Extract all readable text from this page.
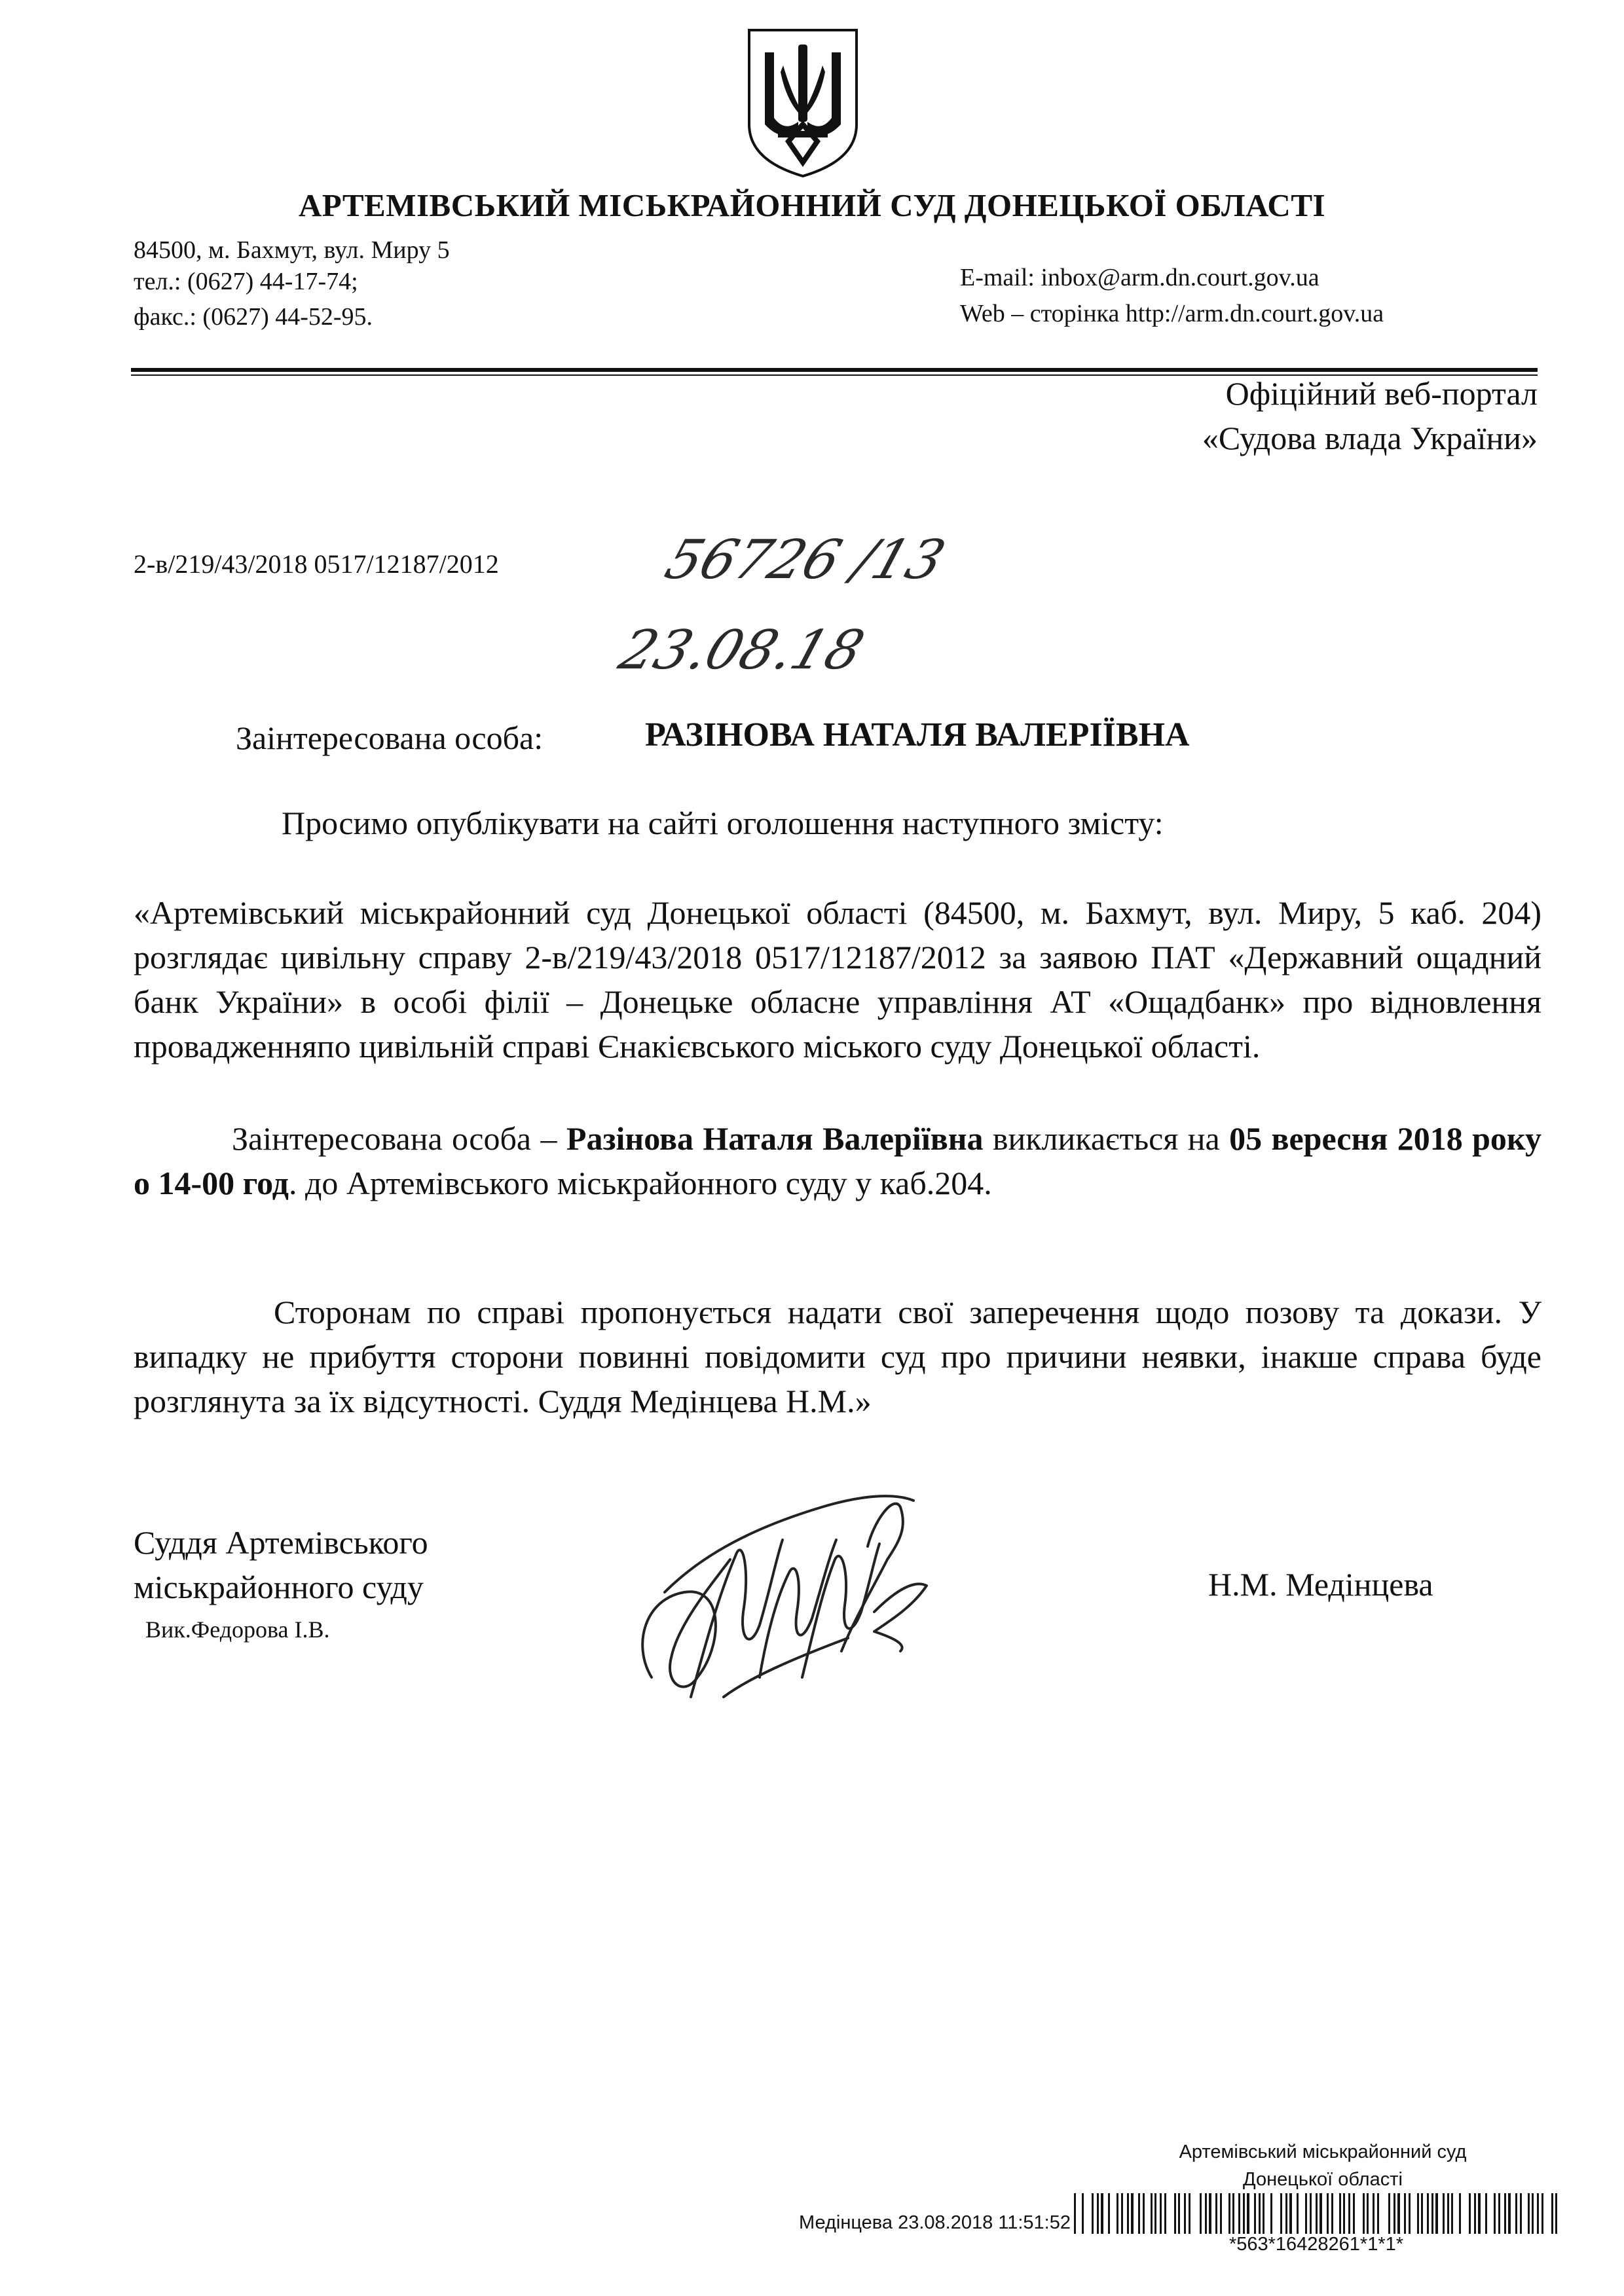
АРТЕМІВСЬКИЙ МІСЬКРАЙОННИЙ СУД ДОНЕЦЬКОЇ ОБЛАСТІ
84500, м. Бахмут, вул. Миру 5
тел.: (0627) 44-17-74;
факс.: (0627) 44-52-95.
E-mail: inbox@arm.dn.court.gov.ua
Web – сторінка http://arm.dn.court.gov.ua
Офіційний веб-портал
«Судова влада України»
2-в/219/43/2018 0517/12187/2012	56726 /13
23.08.18
Заінтересована особа:	РАЗІНОВА НАТАЛЯ ВАЛЕРІЇВНА
Просимо опублікувати на сайті оголошення наступного змісту:
«Артемівський міськрайонний суд Донецької області (84500, м. Бахмут, вул. Миру, 5 каб. 204) розглядає цивільну справу 2-в/219/43/2018 0517/12187/2012 за заявою ПАТ «Державний ощадний банк України» в особі філії – Донецьке обласне управління АТ «Ощадбанк» про відновлення провадженняпо цивільній справі Єнакієвського міського суду Донецької області.
Заінтересована особа – Разінова Наталя Валеріївна викликається на 05 вересня 2018 року о 14-00 год. до Артемівського міськрайонного суду у каб.204.
Сторонам по справі пропонується надати свої заперечення щодо позову та докази. У випадку не прибуття сторони повинні повідомити суд про причини неявки, інакше справа буде розглянута за їх відсутності. Суддя Медінцева Н.М.»
Суддя Артемівського
міськрайонного суду
Вик.Федорова І.В.
Н.М. Медінцева
Артемівський міськрайонний суд
Донецької області
Медінцева 23.08.2018 11:51:52
*563*16428261*1*1*
